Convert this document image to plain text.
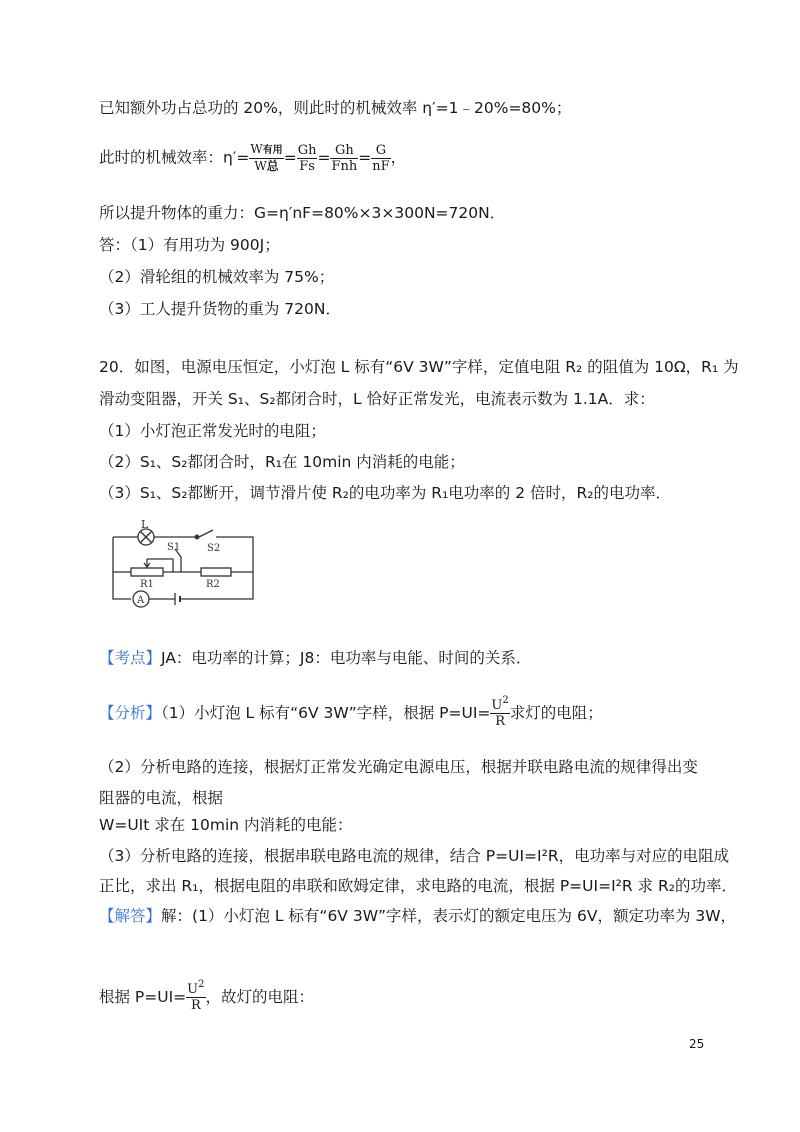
已知额外功占总功的 20%，则此时的机械效率 η′=1﹣20%=80%；
此时的机械效率：$\eta'= \frac{\text{W有用}}{\text{W总}} = \frac{Gh}{Fs} = \frac{Gh}{\text{Fnh}} = \frac{G}{nF}$ ，
所以提升物体的重力：G=η′nF=80%×3×300N=720N．
答：（1）有用功为 900J；
（2）滑轮组的机械效率为 75%；
（3）工人提升货物的重为 720N．
20．如图，电源电压恒定，小灯泡 L 标有“6V 3W”字样，定值电阻 R₂ 的阻值为 10Ω，R₁ 为
滑动变阻器，开关 S₁、S₂都闭合时，L 恰好正常发光，电流表示数为 1.1A．求：
（1）小灯泡正常发光时的电阻；
（2）S₁、S₂都闭合时，R₁在 10min 内消耗的电能；
（3）S₁、S₂都断开，调节滑片使 R₂的电功率为 R₁电功率的 2 倍时，R₂的电功率．
L
S2
S1
R1	R2
A
【考点】JA：电功率的计算；J8：电功率与电能、时间的关系．
【分析】（1）小灯泡 L 标有“6V 3W”字样，根据 $P=UI= \frac{U^2}{R}$ 求灯的电阻；
（2）分析电路的连接，根据灯正常发光确定电源电压，根据并联电路电流的规律得出变
阻器的电流，根据
W=UIt 求在 10min 内消耗的电能：
（3）分析电路的连接，根据串联电路电流的规律，结合 P=UI=I²R，电功率与对应的电阻成
正比，求出 R₁，根据电阻的串联和欧姆定律，求电路的电流，根据 P=UI=I²R 求 R₂的功率．
【解答】解：(1）小灯泡 L 标有“6V 3W”字样，表示灯的额定电压为 6V，额定功率为 3W，
根据 $P=UI= \frac{U^2}{R}$ ，故灯的电阻：
25
